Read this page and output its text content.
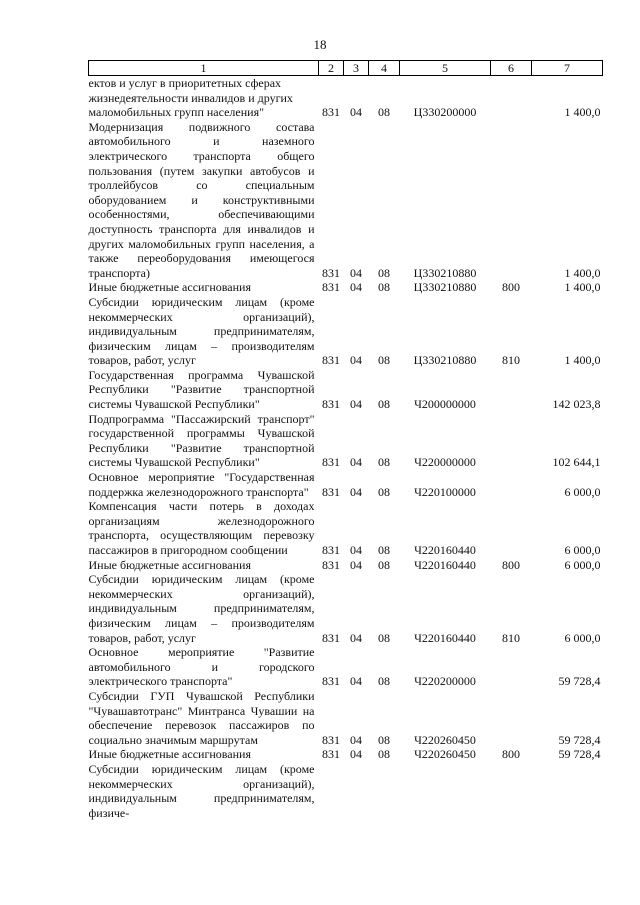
18
1	2	3	4	5	6	7
ектов и услуг в приоритетных сферах жизнедеятельности инвалидов и других маломобильных групп населения"	831	04	08	Ц330200000		1 400,0
Модернизация подвижного состава автомобильного и наземного электрического транспорта общего пользования (путем закупки автобусов и троллейбусов со специальным оборудованием и конструктивными особенностями, обеспечивающими доступность транспорта для инвалидов и других маломобильных групп населения, а также переоборудования имеющегося транспорта)	831	04	08	Ц330210880		1 400,0
Иные бюджетные ассигнования	831	04	08	Ц330210880	800	1 400,0
Субсидии юридическим лицам (кроме некоммерческих организаций), индивидуальным предпринимателям, физическим лицам – производителям товаров, работ, услуг	831	04	08	Ц330210880	810	1 400,0
Государственная программа Чувашской Республики "Развитие транспортной системы Чувашской Республики"	831	04	08	Ч200000000		142 023,8
Подпрограмма "Пассажирский транспорт" государственной программы Чувашской Республики "Развитие транспортной системы Чувашской Республики"	831	04	08	Ч220000000		102 644,1
Основное мероприятие "Государственная поддержка железнодорожного транспорта"	831	04	08	Ч220100000		6 000,0
Компенсация части потерь в доходах организациям железнодорожного транспорта, осуществляющим перевозку пассажиров в пригородном сообщении	831	04	08	Ч220160440		6 000,0
Иные бюджетные ассигнования	831	04	08	Ч220160440	800	6 000,0
Субсидии юридическим лицам (кроме некоммерческих организаций), индивидуальным предпринимателям, физическим лицам – производителям товаров, работ, услуг	831	04	08	Ч220160440	810	6 000,0
Основное мероприятие "Развитие автомобильного и городского электрического транспорта"	831	04	08	Ч220200000		59 728,4
Субсидии ГУП Чувашской Республики "Чувашавтотранс" Минтранса Чувашии на обеспечение перевозок пассажиров по социально значимым маршрутам	831	04	08	Ч220260450		59 728,4
Иные бюджетные ассигнования	831	04	08	Ч220260450	800	59 728,4
Субсидии юридическим лицам (кроме некоммерческих организаций), индивидуальным предпринимателям, физиче-						
